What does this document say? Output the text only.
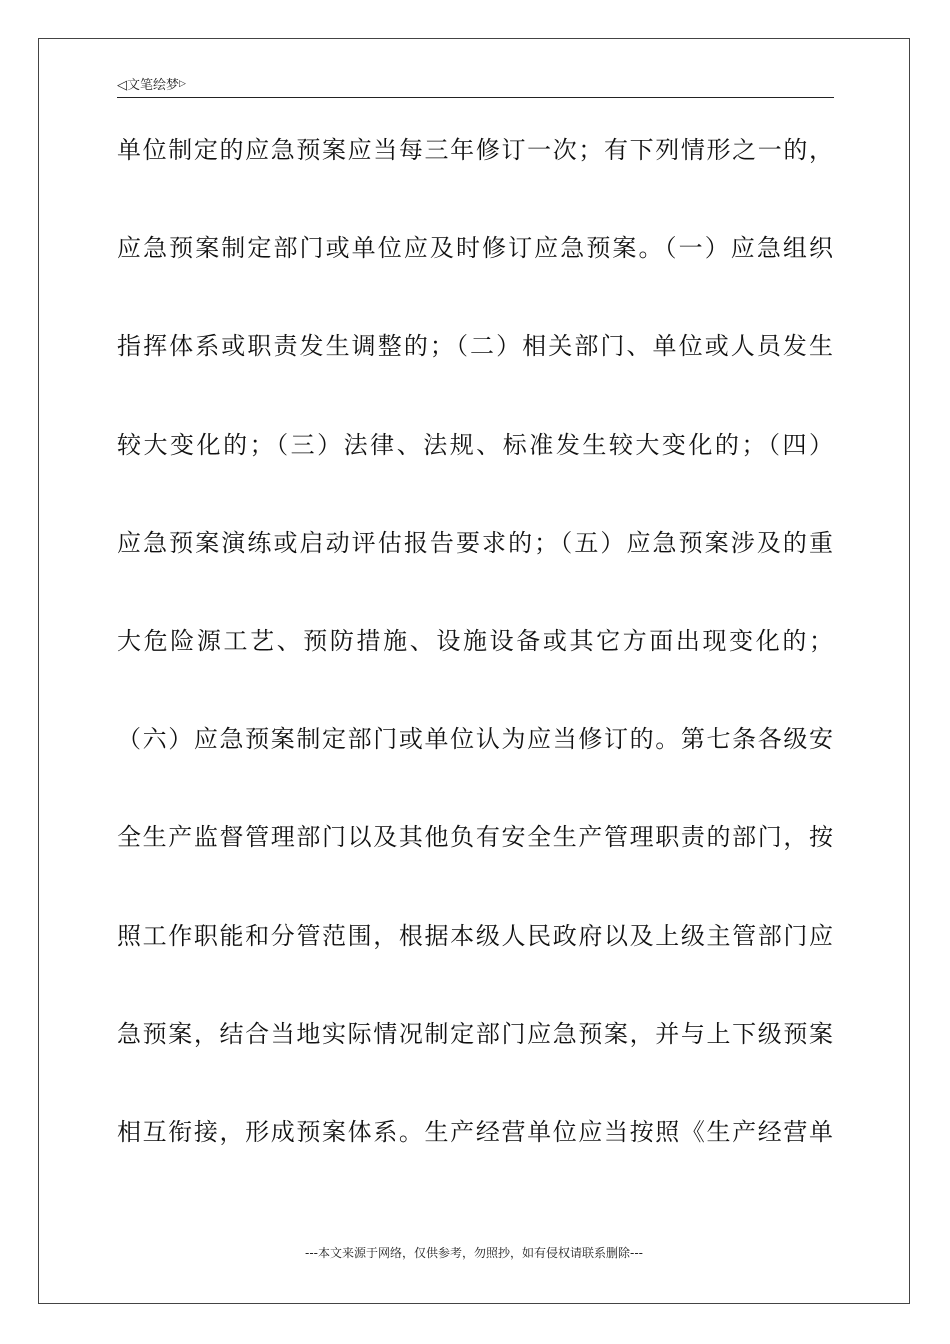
◁文笔绘梦▷
单位制定的应急预案应当每三年修订一次；有下列情形之一的，
应急预案制定部门或单位应及时修订应急预案。（一）应急组织
指挥体系或职责发生调整的；（二）相关部门、单位或人员发生
较大变化的；（三）法律、法规、标准发生较大变化的；（四）
应急预案演练或启动评估报告要求的；（五）应急预案涉及的重
大危险源工艺、预防措施、设施设备或其它方面出现变化的；
（六）应急预案制定部门或单位认为应当修订的。第七条各级安
全生产监督管理部门以及其他负有安全生产管理职责的部门，按
照工作职能和分管范围，根据本级人民政府以及上级主管部门应
急预案，结合当地实际情况制定部门应急预案，并与上下级预案
相互衔接，形成预案体系。生产经营单位应当按照《生产经营单
---本文来源于网络，仅供参考，勿照抄，如有侵权请联系删除---
